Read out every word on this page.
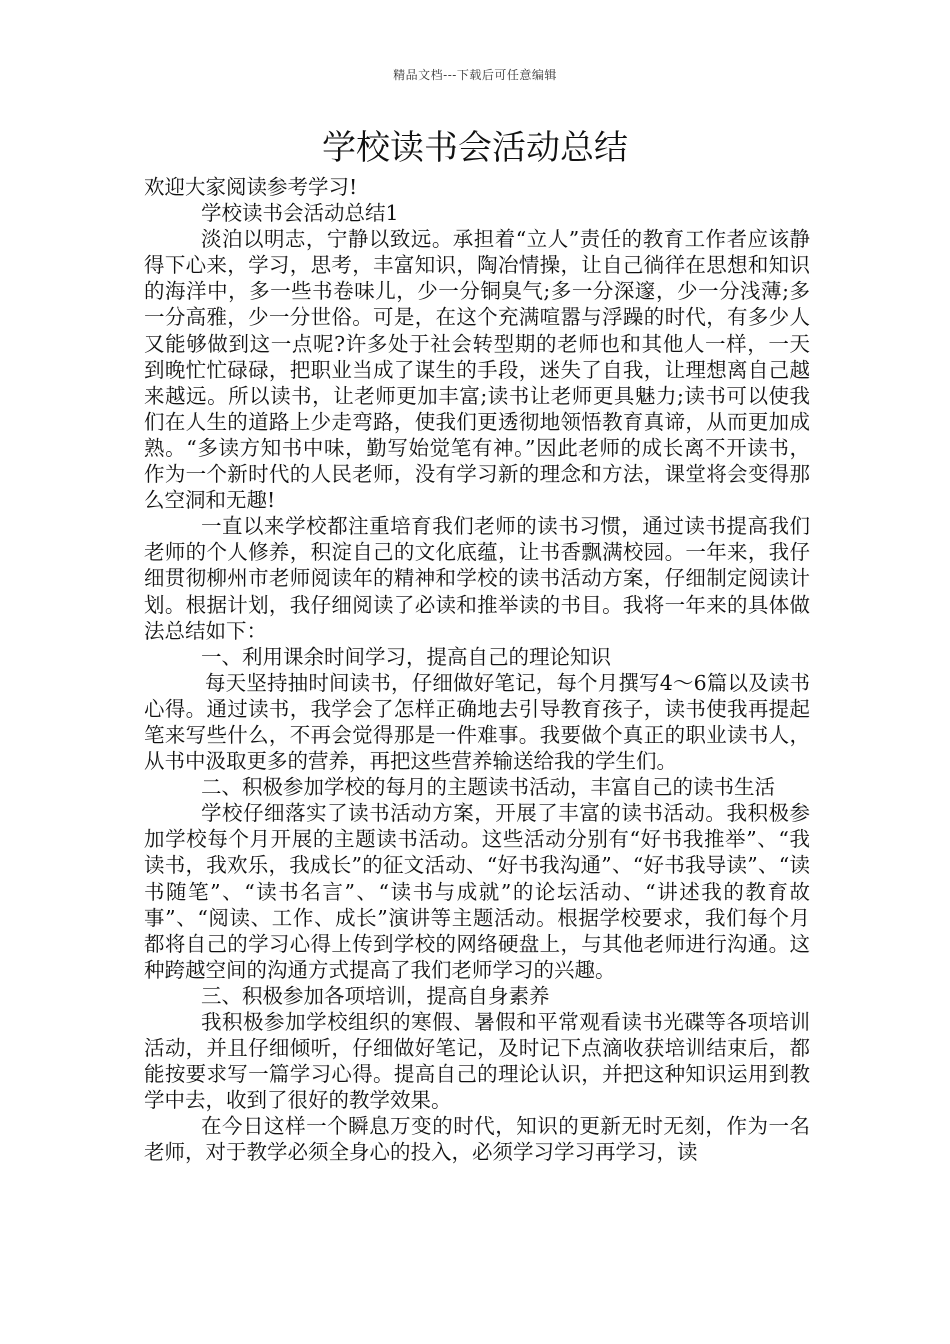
精品文档---下载后可任意编辑
学校读书会活动总结

欢迎大家阅读参考学习!

学校读书会活动总结1

淡泊以明志，宁静以致远。承担着“立人”责任的教育工作者应该静得下心来，学习，思考，丰富知识，陶冶情操，让自己徜徉在思想和知识的海洋中，多一些书卷味儿，少一分铜臭气;多一分深邃，少一分浅薄;多一分高雅，少一分世俗。可是，在这个充满喧嚣与浮躁的时代，有多少人又能够做到这一点呢?许多处于社会转型期的老师也和其他人一样，一天到晚忙忙碌碌，把职业当成了谋生的手段，迷失了自我，让理想离自己越来越远。所以读书，让老师更加丰富;读书让老师更具魅力;读书可以使我们在人生的道路上少走弯路，使我们更透彻地领悟教育真谛，从而更加成熟。“多读方知书中味，勤写始觉笔有神。”因此老师的成长离不开读书，作为一个新时代的人民老师，没有学习新的理念和方法，课堂将会变得那么空洞和无趣!

一直以来学校都注重培育我们老师的读书习惯，通过读书提高我们老师的个人修养，积淀自己的文化底蕴，让书香飘满校园。一年来，我仔细贯彻柳州市老师阅读年的精神和学校的读书活动方案，仔细制定阅读计划。根据计划，我仔细阅读了必读和推举读的书目。我将一年来的具体做法总结如下：

一、利用课余时间学习，提高自己的理论知识

每天坚持抽时间读书，仔细做好笔记，每个月撰写4～6篇以及读书心得。通过读书，我学会了怎样正确地去引导教育孩子，读书使我再提起笔来写些什么，不再会觉得那是一件难事。我要做个真正的职业读书人，从书中汲取更多的营养，再把这些营养输送给我的学生们。

二、积极参加学校的每月的主题读书活动，丰富自己的读书生活

学校仔细落实了读书活动方案，开展了丰富的读书活动。我积极参加学校每个月开展的主题读书活动。这些活动分别有“好书我推举”、“我读书，我欢乐，我成长”的征文活动、“好书我沟通”、“好书我导读”、“读书随笔”、“读书名言”、“读书与成就”的论坛活动、“讲述我的教育故事”、“阅读、工作、成长”演讲等主题活动。根据学校要求，我们每个月都将自己的学习心得上传到学校的网络硬盘上，与其他老师进行沟通。这种跨越空间的沟通方式提高了我们老师学习的兴趣。

三、积极参加各项培训，提高自身素养

我积极参加学校组织的寒假、暑假和平常观看读书光碟等各项培训活动，并且仔细倾听，仔细做好笔记，及时记下点滴收获培训结束后，都能按要求写一篇学习心得。提高自己的理论认识，并把这种知识运用到教学中去，收到了很好的教学效果。

在今日这样一个瞬息万变的时代，知识的更新无时无刻，作为一名老师，对于教学必须全身心的投入，必须学习学习再学习，读
